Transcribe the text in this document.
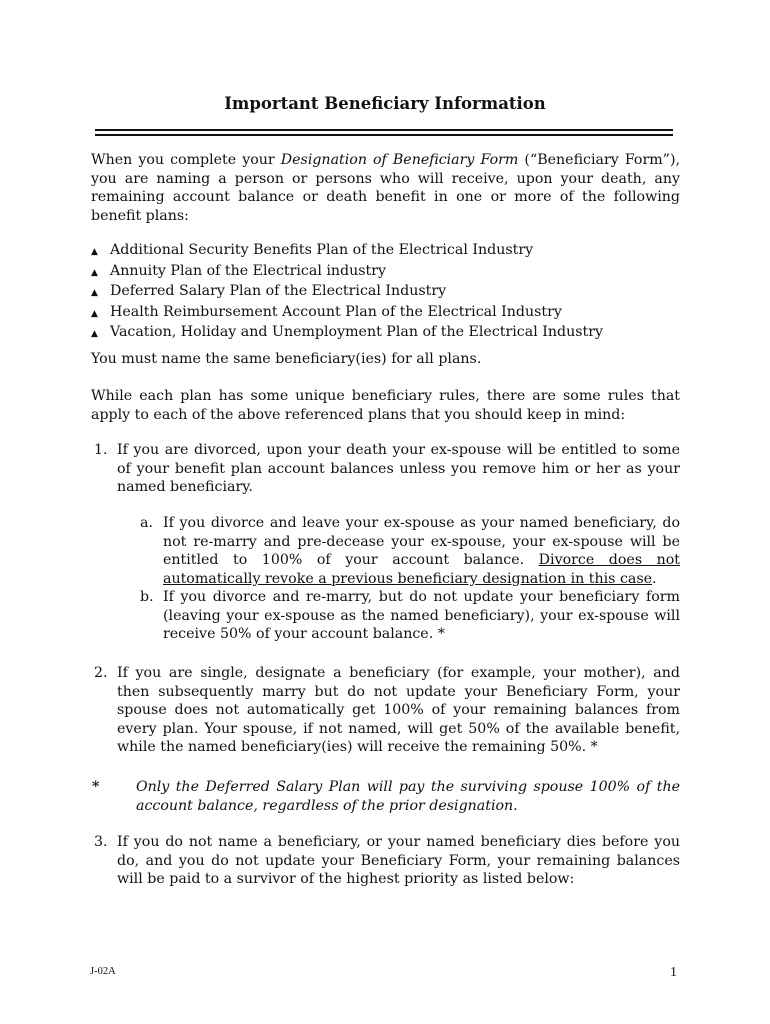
Important Beneficiary Information
When you complete your Designation of Beneficiary Form (“Beneficiary Form”), you are naming a person or persons who will receive, upon your death, any remaining account balance or death benefit in one or more of the following benefit plans:
▲ Additional Security Benefits Plan of the Electrical Industry
▲ Annuity Plan of the Electrical industry
▲ Deferred Salary Plan of the Electrical Industry
▲ Health Reimbursement Account Plan of the Electrical Industry
▲ Vacation, Holiday and Unemployment Plan of the Electrical Industry
You must name the same beneficiary(ies) for all plans.
While each plan has some unique beneficiary rules, there are some rules that apply to each of the above referenced plans that you should keep in mind:
1. If you are divorced, upon your death your ex-spouse will be entitled to some of your benefit plan account balances unless you remove him or her as your named beneficiary.
a. If you divorce and leave your ex-spouse as your named beneficiary, do not re-marry and pre-decease your ex-spouse, your ex-spouse will be entitled to 100% of your account balance. Divorce does not automatically revoke a previous beneficiary designation in this case.
b. If you divorce and re-marry, but do not update your beneficiary form (leaving your ex-spouse as the named beneficiary), your ex-spouse will receive 50% of your account balance. *
2. If you are single, designate a beneficiary (for example, your mother), and then subsequently marry but do not update your Beneficiary Form, your spouse does not automatically get 100% of your remaining balances from every plan. Your spouse, if not named, will get 50% of the available benefit, while the named beneficiary(ies) will receive the remaining 50%. *
*	Only the Deferred Salary Plan will pay the surviving spouse 100% of the account balance, regardless of the prior designation.
3. If you do not name a beneficiary, or your named beneficiary dies before you do, and you do not update your Beneficiary Form, your remaining balances will be paid to a survivor of the highest priority as listed below:
J-02A	1
